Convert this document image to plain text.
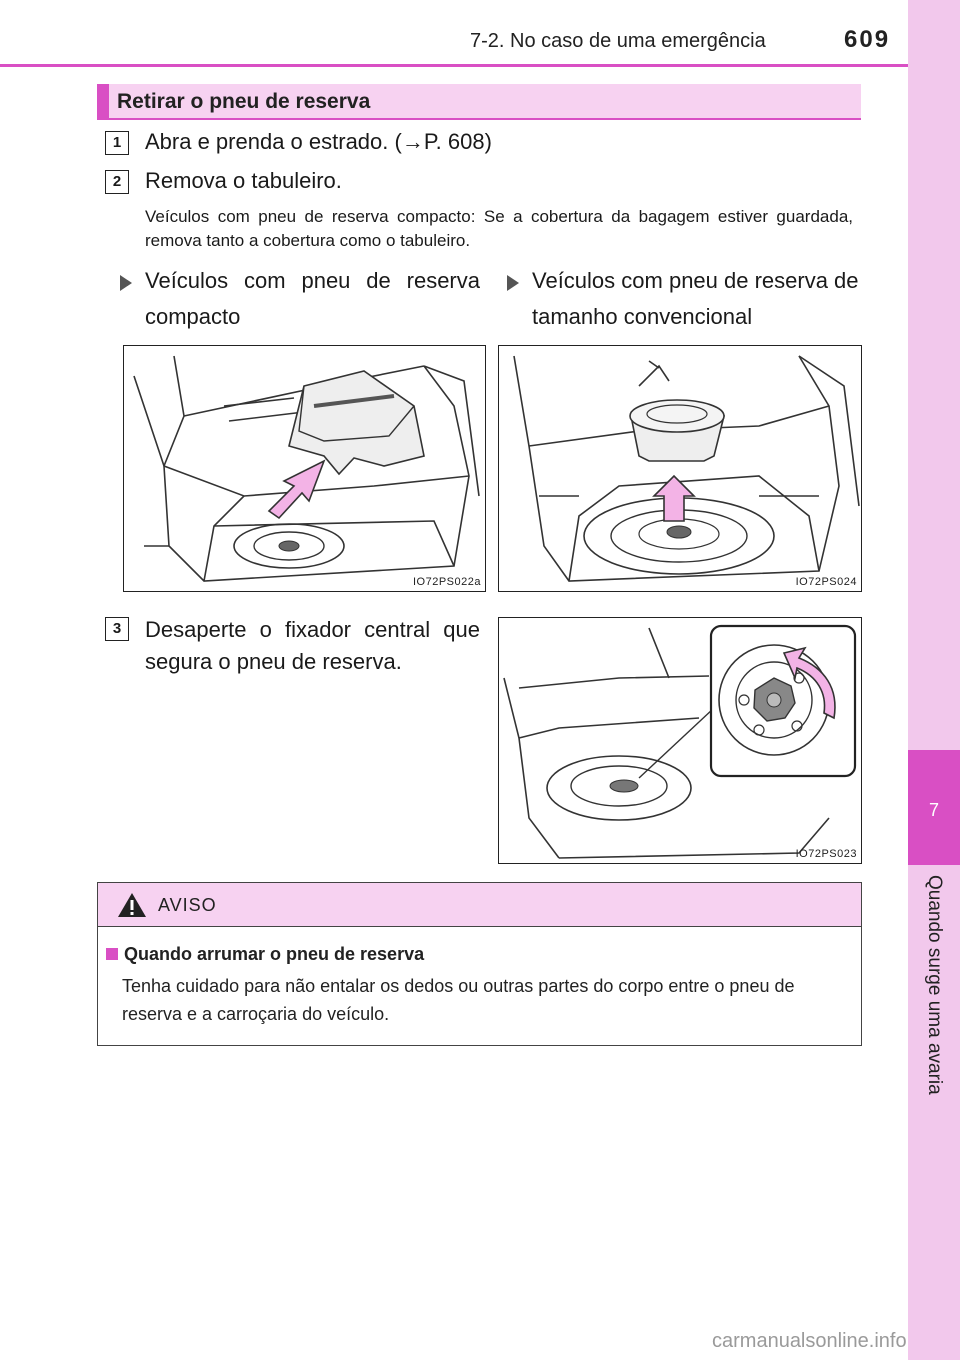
7
Quando surge uma avaria
7-2. No caso de uma emergência	609
Retirar o pneu de reserva
1	Abra e prenda o estrado. (→P. 608)
2	Remova o tabuleiro.
Veículos com pneu de reserva compacto: Se a cobertura da bagagem estiver guardada, remova tanto a cobertura como o tabuleiro.
Veículos com pneu de reserva compacto
Veículos com pneu de reserva de tamanho convencional
IO72PS022a	IO72PS024
3	Desaperte o fixador central que segura o pneu de reserva.
IO72PS023
AVISO
Quando arrumar o pneu de reserva
Tenha cuidado para não entalar os dedos ou outras partes do corpo entre o pneu de reserva e a carroçaria do veículo.
carmanualsonline.info
